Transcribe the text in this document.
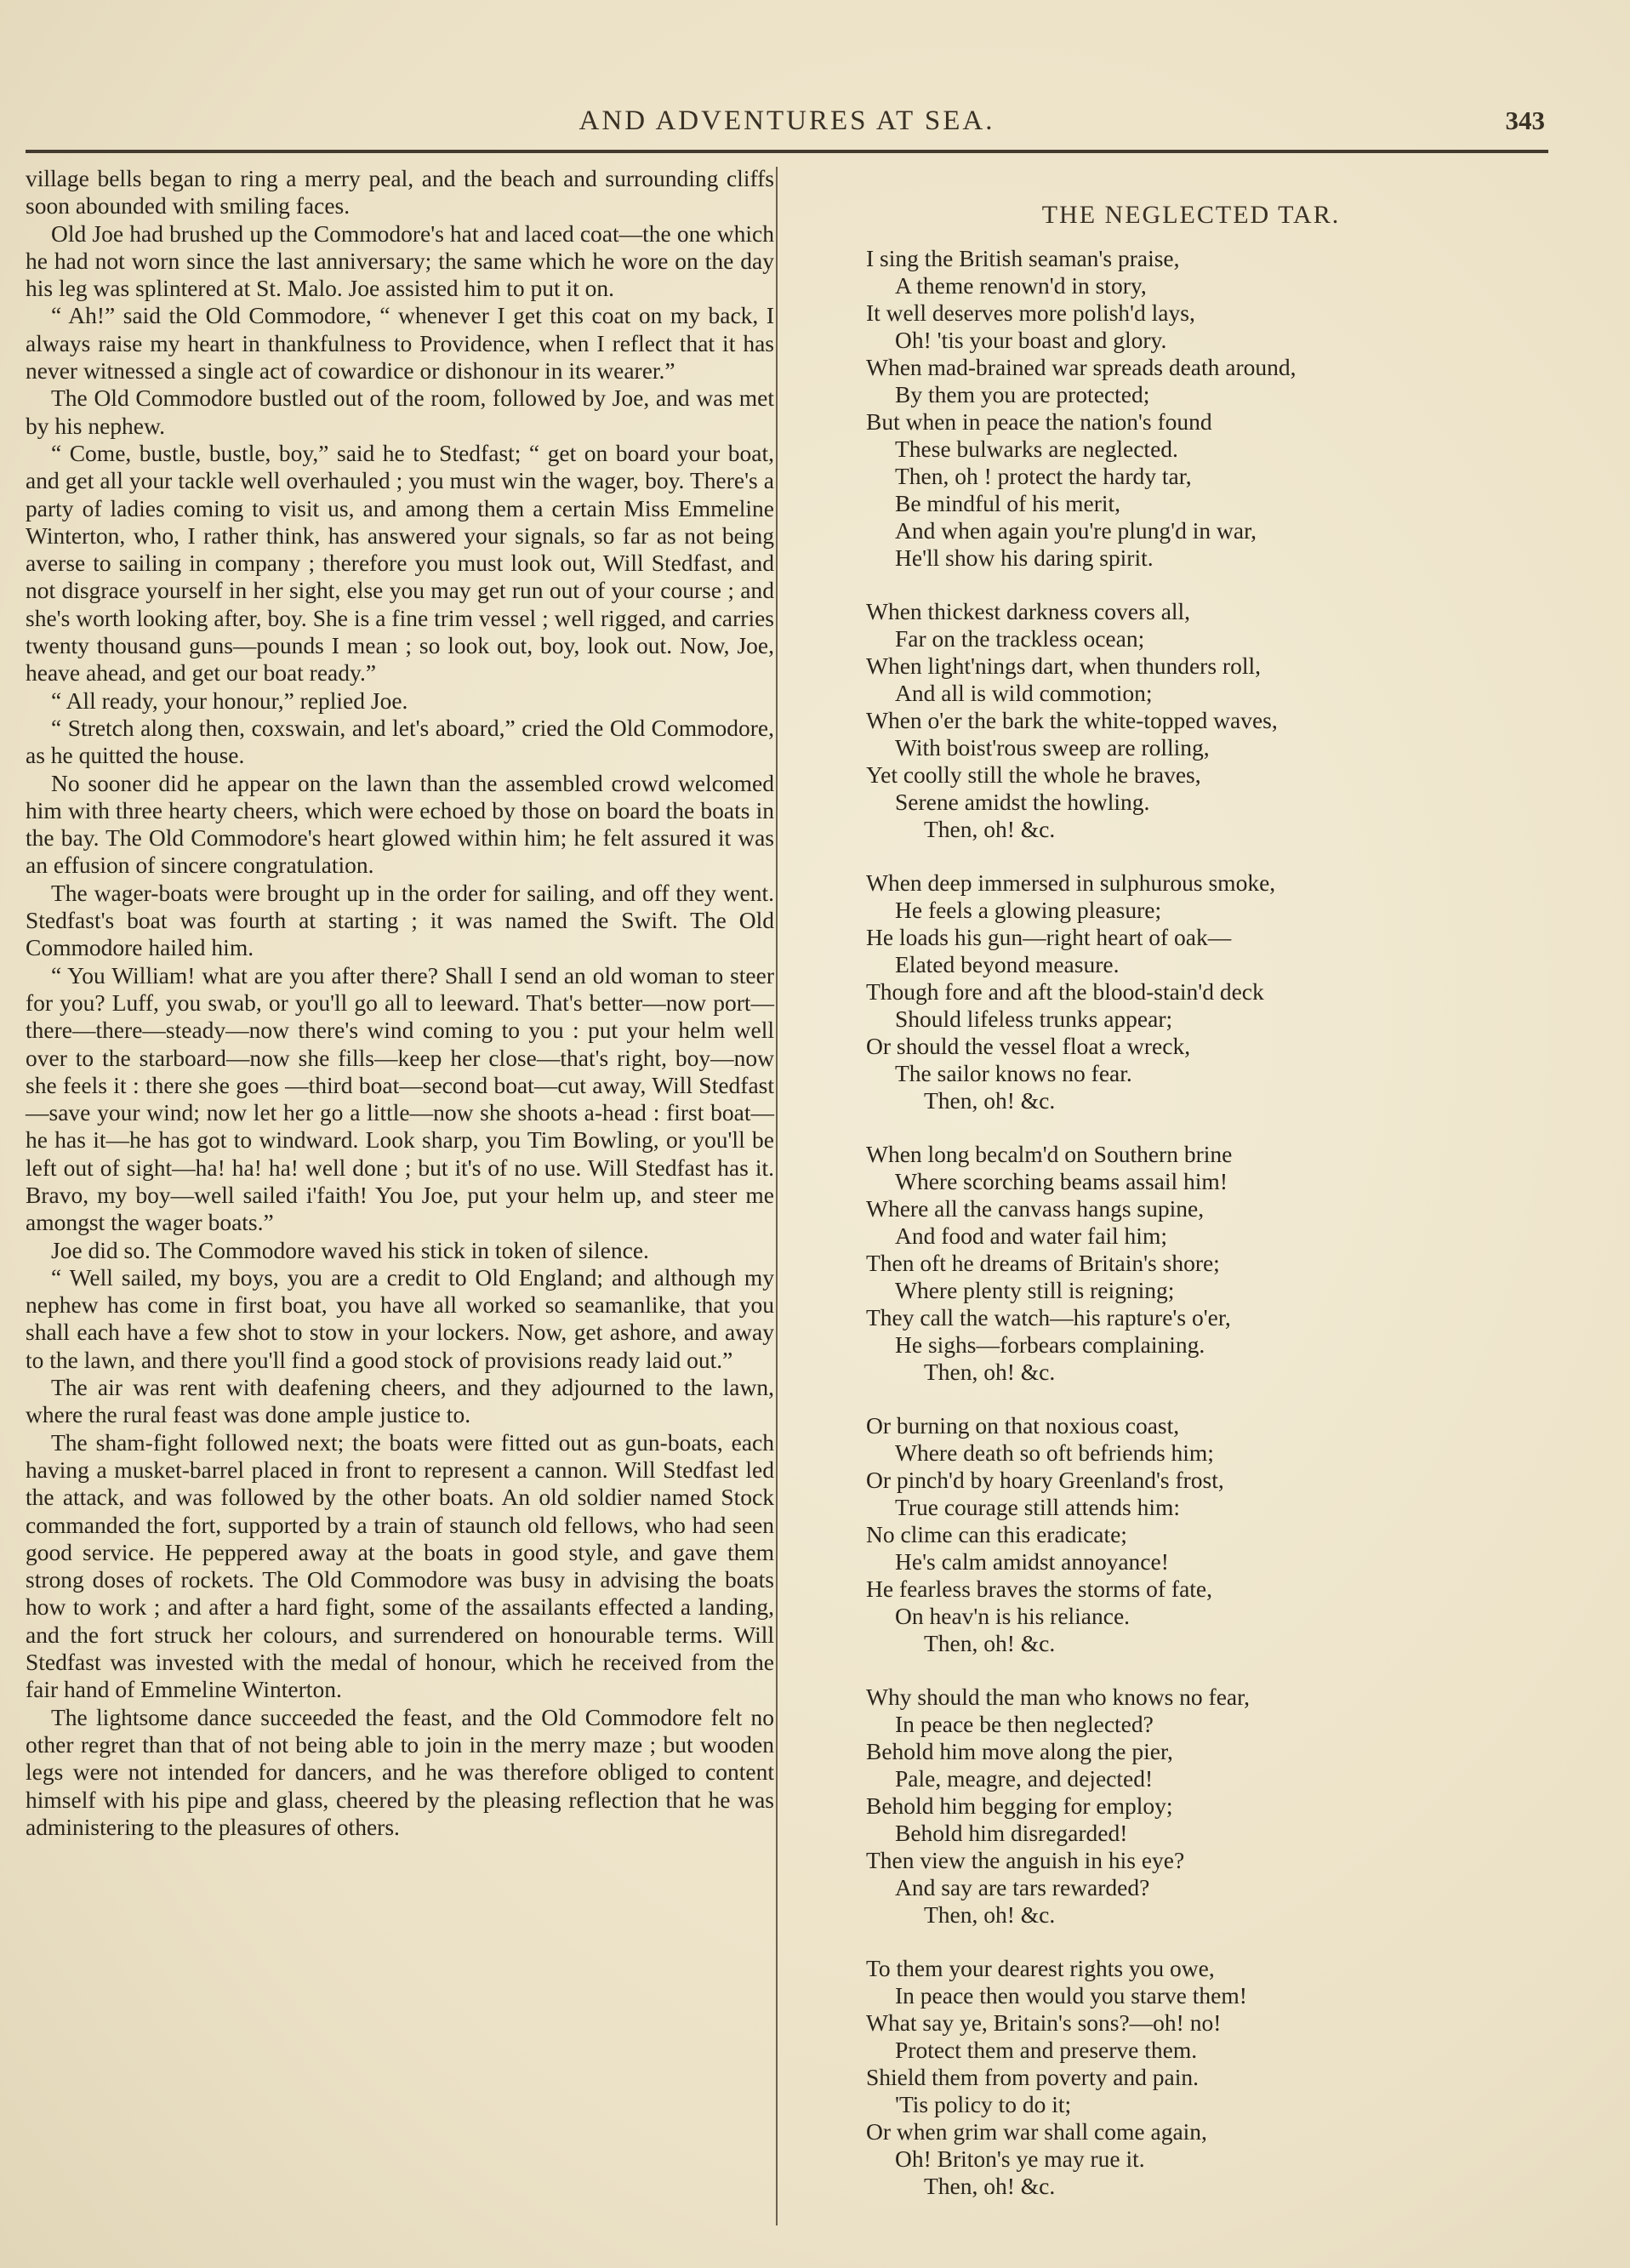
AND ADVENTURES AT SEA.	343

village bells began to ring a merry peal, and the beach and surrounding cliffs soon abounded with smiling faces.

Old Joe had brushed up the Commodore's hat and laced coat—the one which he had not worn since the last anniversary; the same which he wore on the day his leg was splintered at St. Malo. Joe assisted him to put it on.

“ Ah!” said the Old Commodore, “ whenever I get this coat on my back, I always raise my heart in thankfulness to Providence, when I reflect that it has never witnessed a single act of cowardice or dishonour in its wearer.”

The Old Commodore bustled out of the room, followed by Joe, and was met by his nephew.

“ Come, bustle, bustle, boy,” said he to Stedfast; “ get on board your boat, and get all your tackle well overhauled ; you must win the wager, boy. There's a party of ladies coming to visit us, and among them a certain Miss Emmeline Winterton, who, I rather think, has answered your signals, so far as not being averse to sailing in company ; therefore you must look out, Will Stedfast, and not disgrace yourself in her sight, else you may get run out of your course ; and she's worth looking after, boy. She is a fine trim vessel ; well rigged, and carries twenty thousand guns—pounds I mean ; so look out, boy, look out. Now, Joe, heave ahead, and get our boat ready.”

“ All ready, your honour,” replied Joe.

“ Stretch along then, coxswain, and let's aboard,” cried the Old Commodore, as he quitted the house.

No sooner did he appear on the lawn than the assembled crowd welcomed him with three hearty cheers, which were echoed by those on board the boats in the bay. The Old Commodore's heart glowed within him; he felt assured it was an effusion of sincere congratulation.

The wager-boats were brought up in the order for sailing, and off they went. Stedfast's boat was fourth at starting ; it was named the Swift. The Old Commodore hailed him.

“ You William! what are you after there? Shall I send an old woman to steer for you? Luff, you swab, or you'll go all to leeward. That's better—now port—there—there—steady—now there's wind coming to you : put your helm well over to the starboard—now she fills—keep her close—that's right, boy—now she feels it : there she goes —third boat—second boat—cut away, Will Stedfast—save your wind; now let her go a little—now she shoots a-head : first boat—he has it—he has got to windward. Look sharp, you Tim Bowling, or you'll be left out of sight—ha! ha! ha! well done ; but it's of no use. Will Stedfast has it. Bravo, my boy—well sailed i'faith! You Joe, put your helm up, and steer me amongst the wager boats.”

Joe did so. The Commodore waved his stick in token of silence.

“ Well sailed, my boys, you are a credit to Old England; and although my nephew has come in first boat, you have all worked so seamanlike, that you shall each have a few shot to stow in your lockers. Now, get ashore, and away to the lawn, and there you'll find a good stock of provisions ready laid out.”

The air was rent with deafening cheers, and they adjourned to the lawn, where the rural feast was done ample justice to.

The sham-fight followed next; the boats were fitted out as gun-boats, each having a musket-barrel placed in front to represent a cannon. Will Stedfast led the attack, and was followed by the other boats. An old soldier named Stock commanded the fort, supported by a train of staunch old fellows, who had seen good service. He peppered away at the boats in good style, and gave them strong doses of rockets. The Old Commodore was busy in advising the boats how to work ; and after a hard fight, some of the assailants effected a landing, and the fort struck her colours, and surrendered on honourable terms. Will Stedfast was invested with the medal of honour, which he received from the fair hand of Emmeline Winterton.

The lightsome dance succeeded the feast, and the Old Commodore felt no other regret than that of not being able to join in the merry maze ; but wooden legs were not intended for dancers, and he was therefore obliged to content himself with his pipe and glass, cheered by the pleasing reflection that he was administering to the pleasures of others.

THE NEGLECTED TAR.
I sing the British seaman's praise,
A theme renown'd in story,
It well deserves more polish'd lays,
Oh! 'tis your boast and glory.
When mad-brained war spreads death around,
By them you are protected;
But when in peace the nation's found
These bulwarks are neglected.
Then, oh ! protect the hardy tar,
Be mindful of his merit,
And when again you're plung'd in war,
He'll show his daring spirit.
When thickest darkness covers all,
Far on the trackless ocean;
When light'nings dart, when thunders roll,
And all is wild commotion;
When o'er the bark the white-topped waves,
With boist'rous sweep are rolling,
Yet coolly still the whole he braves,
Serene amidst the howling.
Then, oh! &c.
When deep immersed in sulphurous smoke,
He feels a glowing pleasure;
He loads his gun—right heart of oak—
Elated beyond measure.
Though fore and aft the blood-stain'd deck
Should lifeless trunks appear;
Or should the vessel float a wreck,
The sailor knows no fear.
Then, oh! &c.
When long becalm'd on Southern brine
Where scorching beams assail him!
Where all the canvass hangs supine,
And food and water fail him;
Then oft he dreams of Britain's shore;
Where plenty still is reigning;
They call the watch—his rapture's o'er,
He sighs—forbears complaining.
Then, oh! &c.
Or burning on that noxious coast,
Where death so oft befriends him;
Or pinch'd by hoary Greenland's frost,
True courage still attends him:
No clime can this eradicate;
He's calm amidst annoyance!
He fearless braves the storms of fate,
On heav'n is his reliance.
Then, oh! &c.
Why should the man who knows no fear,
In peace be then neglected?
Behold him move along the pier,
Pale, meagre, and dejected!
Behold him begging for employ;
Behold him disregarded!
Then view the anguish in his eye?
And say are tars rewarded?
Then, oh! &c.
To them your dearest rights you owe,
In peace then would you starve them!
What say ye, Britain's sons?—oh! no!
Protect them and preserve them.
Shield them from poverty and pain.
'Tis policy to do it;
Or when grim war shall come again,
Oh! Briton's ye may rue it.
Then, oh! &c.
